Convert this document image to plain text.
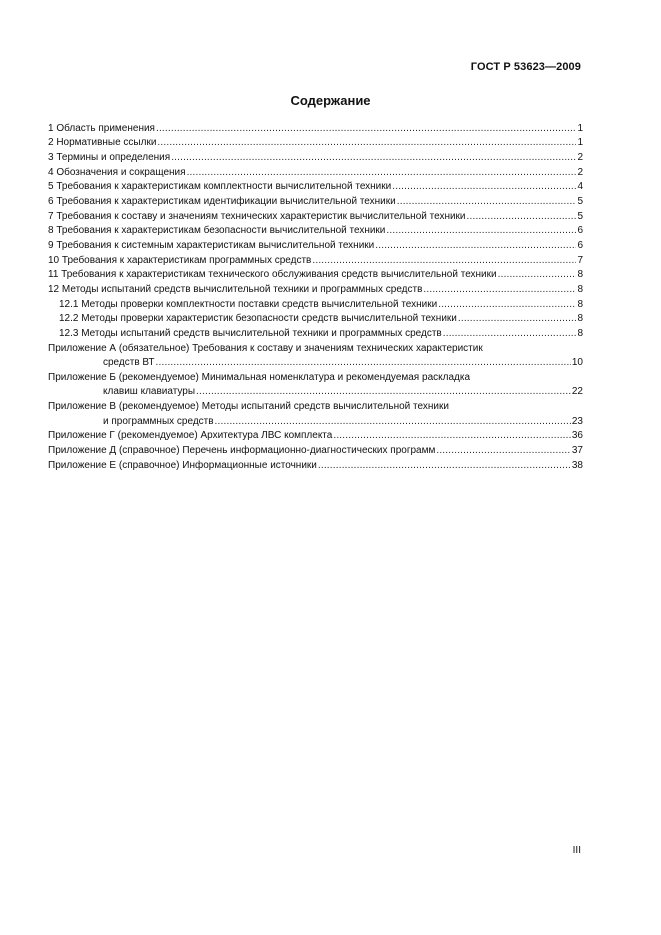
ГОСТ Р 53623—2009
Содержание
1 Область применения .....	1
2 Нормативные ссылки .....	1
3 Термины и определения .....	2
4 Обозначения и сокращения .....	2
5 Требования к характеристикам комплектности вычислительной техники .....	4
6 Требования к характеристикам идентификации вычислительной техники .....	5
7 Требования к составу и значениям технических характеристик вычислительной техники .....	5
8 Требования к характеристикам безопасности вычислительной техники .....	6
9 Требования к системным характеристикам вычислительной техники .....	6
10 Требования к характеристикам программных средств .....	7
11 Требования к характеристикам технического обслуживания средств вычислительной техники .....	8
12 Методы испытаний средств вычислительной техники и программных средств .....	8
12.1 Методы проверки комплектности поставки средств вычислительной техники .....	8
12.2 Методы проверки характеристик безопасности средств вычислительной техники .....	8
12.3 Методы испытаний средств вычислительной техники и программных средств .....	8
Приложение А (обязательное) Требования к составу и значениям технических характеристик
средств ВТ .....	10
Приложение Б (рекомендуемое) Минимальная номенклатура и рекомендуемая раскладка
клавиш клавиатуры .....	22
Приложение В (рекомендуемое) Методы испытаний средств вычислительной техники
и программных средств .....	23
Приложение Г (рекомендуемое) Архитектура ЛВС комплекта .....	36
Приложение Д (справочное) Перечень информационно-диагностических программ .....	37
Приложение Е (справочное) Информационные источники .....	38
III
